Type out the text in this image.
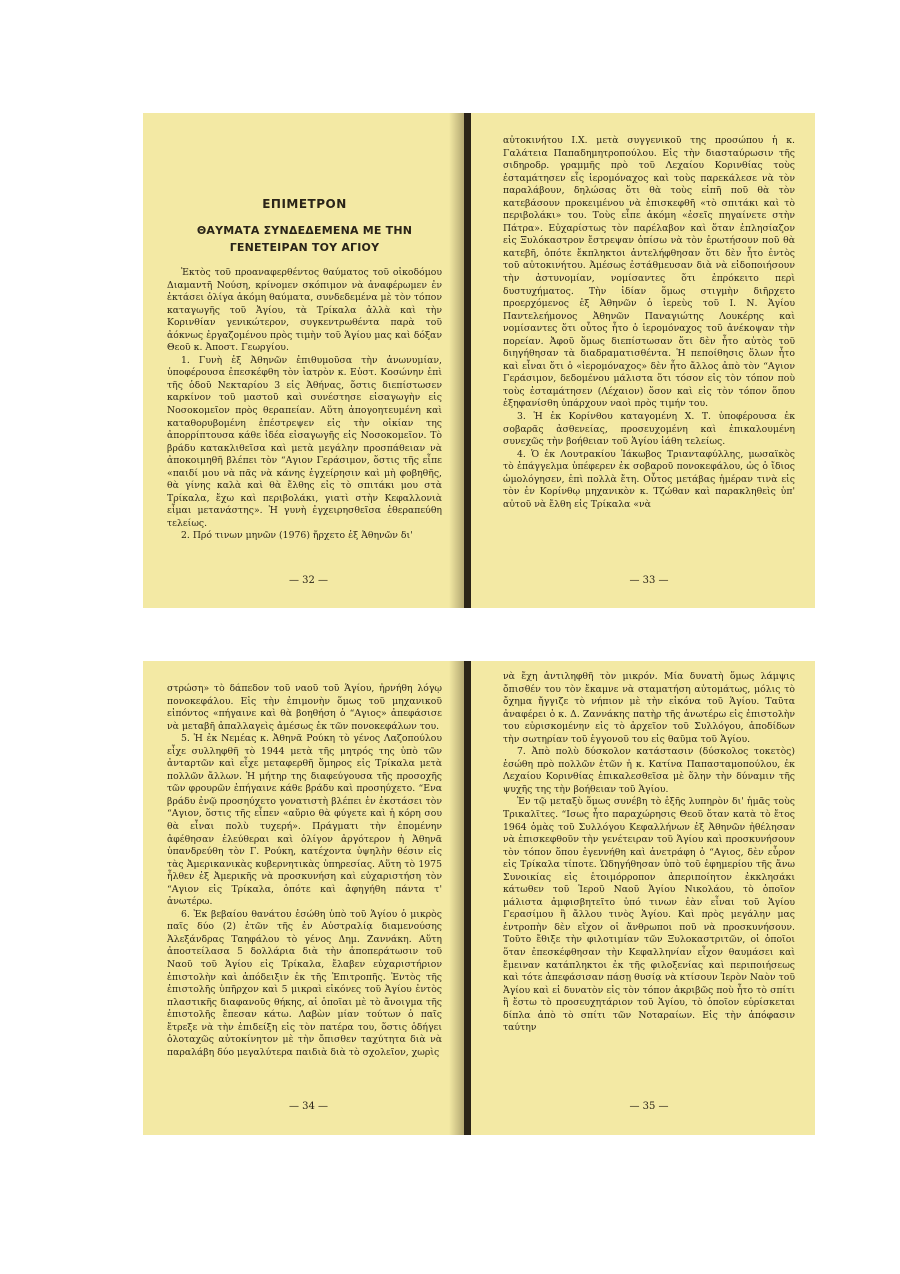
ΕΠΙΜΕΤΡΟΝ
ΘΑΥΜΑΤΑ ΣΥΝΔΕΔΕΜΕΝΑ ΜΕ ΤΗΝ
ΓΕΝΕΤΕΙΡΑΝ ΤΟΥ ΑΓΙΟΥ

Ἐκτὸς τοῦ προαναφερθέντος θαύματος τοῦ οἰκοδόμου Διαμαντῆ Νούση, κρίνομεν σκόπιμον νὰ ἀναφέρωμεν ἐν ἐκτάσει ὀλίγα ἀκόμη θαύματα, συνδεδεμένα μὲ τὸν τόπον καταγωγῆς τοῦ Ἁγίου, τὰ Τρίκαλα ἀλλὰ καὶ τὴν Κορινθίαν γενικώτερον, συγκεντρωθέντα παρὰ τοῦ ἀόκνως ἐργαζομένου πρὸς τιμὴν τοῦ Ἁγίου μας καὶ δόξαν Θεοῦ κ. Ἀποστ. Γεωργίου.

1. Γυνὴ ἐξ Ἀθηνῶν ἐπιθυμοῦσα τὴν ἀνωνυμίαν, ὑποφέρουσα ἐπεσκέφθη τὸν ἰατρὸν κ. Εὐστ. Κοσώνην ἐπὶ τῆς ὁδοῦ Νεκταρίου 3 εἰς Ἀθήνας, ὅστις διεπίστωσεν καρκίνον τοῦ μαστοῦ καὶ συνέστησε εἰσαγωγὴν εἰς Νοσοκομεῖον πρὸς θεραπείαν. Αὕτη ἀπογοητευμένη καὶ καταθορυβομένη ἐπέστρεψεν εἰς τὴν οἰκίαν της ἀπορρίπτουσα κάθε ἰδέα εἰσαγωγῆς εἰς Νοσοκομεῖον. Τὸ βράδυ κατακλιθεῖσα καὶ μετὰ μεγάλην προσπάθειαν νὰ ἀποκοιμηθῆ βλέπει τὸν “Αγιον Γεράσιμον, ὅστις τῆς εἶπε «παιδί μου νὰ πᾶς νὰ κάνης ἐγχείρησιν καὶ μὴ φοβηθῆς, θὰ γίνης καλὰ καὶ θὰ ἔλθης εἰς τὸ σπιτάκι μου στὰ Τρίκαλα, ἔχω καὶ περιβολάκι, γιατὶ στὴν Κεφαλλονιὰ εἶμαι μετανάστης». Ἡ γυνὴ ἐγχειρησθεῖσα ἐθεραπεύθη τελείως.

2. Πρό τινων μηνῶν (1976) ἤρχετο ἐξ Ἀθηνῶν δι'

— 32 —

αὐτοκινήτου Ι.Χ. μετὰ συγγενικοῦ της προσώπου ἡ κ. Γαλάτεια Παπαδημητροπούλου. Εἰς τὴν διασταύρωσιν τῆς σιδηροδρ. γραμμῆς πρὸ τοῦ Λεχαίου Κορινθίας τοὺς ἐσταμάτησεν εἷς ἱερομόναχος καὶ τοὺς παρεκάλεσε νὰ τὸν παραλάβουν, δηλώσας ὅτι θὰ τοὺς εἰπῆ ποῦ θὰ τὸν κατεβάσουν προκειμένου νὰ ἐπισκεφθῆ «τὸ σπιτάκι καὶ τὸ περιβολάκι» του. Τοὺς εἶπε ἀκόμη «ἐσεῖς πηγαίνετε στὴν Πάτρα». Εὐχαρίστως τὸν παρέλαβον καὶ ὅταν ἐπλησίαζον εἰς Ξυλόκαστρον ἔστρεψαν ὀπίσω νὰ τὸν ἐρωτήσουν ποῦ θὰ κατεβῆ, ὁπότε ἔκπληκτοι ἀντελήφθησαν ὅτι δὲν ἦτο ἐντὸς τοῦ αὐτοκινήτου. Ἀμέσως ἐστάθμευσαν διὰ νὰ εἰδοποιήσουν τὴν ἀστυνομίαν, νομίσαντες ὅτι ἐπρόκειτο περὶ δυστυχήματος. Τὴν ἰδίαν ὅμως στιγμὴν διῆρχετο προερχόμενος ἐξ Ἀθηνῶν ὁ ἱερεὺς τοῦ Ι. Ν. Ἁγίου Παντελεήμονος Ἀθηνῶν Παναγιώτης Λουκέρης καὶ νομίσαντες ὅτι οὗτος ἦτο ὁ ἱερομόναχος τοῦ ἀνέκοψαν τὴν πορείαν. Ἀφοῦ ὅμως διεπίστωσαν ὅτι δὲν ἦτο αὐτὸς τοῦ διηγήθησαν τὰ διαδραματισθέντα. Ἡ πεποίθησις ὅλων ἦτο καὶ εἶναι ὅτι ὁ «ἱερομόναχος» δὲν ἦτο ἄλλος ἀπὸ τὸν “Αγιον Γεράσιμον, δεδομένου μάλιστα ὅτι τόσον εἰς τὸν τόπον ποὺ τοὺς ἐσταμάτησεν (Λέχαιον) ὅσον καὶ εἰς τὸν τόπον ὅπου ἐξηφανίσθη ὑπάρχουν ναοὶ πρὸς τιμήν του.

3. Ἡ ἐκ Κορίνθου καταγομένη Χ. Τ. ὑποφέρουσα ἐκ σοβαρᾶς ἀσθενείας, προσευχομένη καὶ ἐπικαλουμένη συνεχῶς τὴν βοήθειαν τοῦ Ἁγίου ἰάθη τελείως.

4. Ὁ ἐκ Λουτρακίου Ἰάκωβος Τριανταφύλλης, μωσαϊκὸς τὸ ἐπάγγελμα ὑπέφερεν ἐκ σοβαροῦ πονοκεφάλου, ὡς ὁ ἴδιος ὡμολόγησεν, ἐπὶ πολλὰ ἔτη. Οὗτος μετάβας ἡμέραν τινὰ εἰς τὸν ἐν Κορίνθῳ μηχανικὸν κ. Τζώθαν καὶ παρακληθεὶς ὑπ' αὐτοῦ νὰ ἔλθη εἰς Τρίκαλα «νὰ

— 33 —

στρώση» τὸ δάπεδον τοῦ ναοῦ τοῦ Ἁγίου, ἠρνήθη λόγῳ πονοκεφάλου. Εἰς τὴν ἐπιμονὴν ὅμως τοῦ μηχανικοῦ εἰπόντος «πήγαινε καὶ θὰ βοηθήση ὁ “Αγιος» ἀπεφάσισε νὰ μεταβῆ ἀπαλλαγεὶς ἀμέσως ἐκ τῶν πονοκεφάλων του.

5. Ἡ ἐκ Νεμέας κ. Ἀθηνᾶ Ρούκη τὸ γένος Λαζοπούλου εἶχε συλληφθῆ τὸ 1944 μετὰ τῆς μητρός της ὑπὸ τῶν ἀνταρτῶν καὶ εἶχε μεταφερθῆ ὅμηρος εἰς Τρίκαλα μετὰ πολλῶν ἄλλων. Ἡ μήτηρ της διαφεύγουσα τῆς προσοχῆς τῶν φρουρῶν ἐπήγαινε κάθε βράδυ καὶ προσηύχετο. “Ενα βράδυ ἐνῷ προσηύχετο γονατιστὴ βλέπει ἐν ἐκστάσει τὸν “Αγιον, ὅστις τῆς εἶπεν «αὔριο θὰ φύγετε καὶ ἡ κόρη σου θὰ εἶναι πολὺ τυχερή». Πράγματι τὴν ἐπομένην ἀφέθησαν ἐλεύθεραι καὶ ὀλίγον ἀργότερον ἡ Ἀθηνᾶ ὑπανδρεύθη τὸν Γ. Ρούκη, κατέχοντα ὑψηλὴν θέσιν εἰς τὰς Ἀμερικανικὰς κυβερνητικὰς ὑπηρεσίας. Αὕτη τὸ 1975 ἦλθεν ἐξ Ἀμερικῆς νὰ προσκυνήση καὶ εὐχαριστήση τὸν “Αγιον εἰς Τρίκαλα, ὁπότε καὶ ἀφηγήθη πάντα τ' ἀνωτέρω.

6. Ἐκ βεβαίου θανάτου ἐσώθη ὑπὸ τοῦ Ἁγίου ὁ μικρὸς παῖς δύο (2) ἐτῶν τῆς ἐν Αὐστραλίᾳ διαμενούσης Ἀλεξάνδρας Ταηφάλου τὸ γένος Δημ. Ζαννάκη. Αὕτη ἀποστείλασα 5 δολλάρια διὰ τὴν ἀποπεράτωσιν τοῦ Ναοῦ τοῦ Ἁγίου εἰς Τρίκαλα, ἔλαβεν εὐχαριστήριον ἐπιστολὴν καὶ ἀπόδειξιν ἐκ τῆς Ἐπιτροπῆς. Ἐντὸς τῆς ἐπιστολῆς ὑπῆρχον καὶ 5 μικραὶ εἰκόνες τοῦ Ἁγίου ἐντὸς πλαστικῆς διαφανοῦς θήκης, αἱ ὁποῖαι μὲ τὸ ἄνοιγμα τῆς ἐπιστολῆς ἔπεσαν κάτω. Λαβὼν μίαν τούτων ὁ παῖς ἔτρεξε νὰ τὴν ἐπιδείξη εἰς τὸν πατέρα του, ὅστις ὁδήγει ὀλοταχῶς αὐτοκίνητον μὲ τὴν ὄπισθεν ταχύτητα διὰ νὰ παραλάβη δύο μεγαλύτερα παιδιὰ διὰ τὸ σχολεῖον, χωρὶς

— 34 —

νὰ ἔχη ἀντιληφθῆ τὸν μικρόν. Μία δυνατὴ ὅμως λάμψις ὄπισθέν του τὸν ἔκαμνε νὰ σταματήση αὐτομάτως, μόλις τὸ ὄχημα ἤγγιζε τὸ νήπιον μὲ τὴν εἰκόνα τοῦ Ἁγίου. Ταῦτα ἀναφέρει ὁ κ. Δ. Ζαννάκης πατὴρ τῆς ἀνωτέρω εἰς ἐπιστολὴν του εὑρισκομένην εἰς τὸ ἀρχεῖον τοῦ Συλλόγου, ἀποδίδων τὴν σωτηρίαν τοῦ ἐγγονοῦ του εἰς θαῦμα τοῦ Ἁγίου.

7. Ἀπὸ πολὺ δύσκολον κατάστασιν (δύσκολος τοκετὸς) ἐσώθη πρὸ πολλῶν ἐτῶν ἡ κ. Κατίνα Παπασταμοπούλου, ἐκ Λεχαίου Κορινθίας ἐπικαλεσθεῖσα μὲ ὅλην τὴν δύναμιν τῆς ψυχῆς της τὴν βοήθειαν τοῦ Ἁγίου.

Ἐν τῷ μεταξὺ ὅμως συνέβη τὸ ἑξῆς λυπηρὸν δι' ἡμᾶς τοὺς Τρικαλῖτες. “Ισως ἦτο παραχώρησις Θεοῦ ὅταν κατὰ τὸ ἔτος 1964 ὁμὰς τοῦ Συλλόγου Κεφαλλήνων ἐξ Ἀθηνῶν ἠθέλησαν νὰ ἐπισκεφθοῦν τὴν γενέτειραν τοῦ Ἁγίου καὶ προσκυνήσουν τὸν τόπον ὅπου ἐγεννήθη καὶ ἀνετράφη ὁ “Αγιος, δὲν εὗρον εἰς Τρίκαλα τίποτε. Ὡδηγήθησαν ὑπὸ τοῦ ἐφημερίου τῆς ἄνω Συνοικίας εἰς ἑτοιμόρροπον ἀπεριποίητον ἐκκλησάκι κάτωθεν τοῦ Ἱεροῦ Ναοῦ Ἁγίου Νικολάου, τὸ ὁποῖον μάλιστα ἀμφισβητεῖτο ὑπό τινων ἐὰν εἶναι τοῦ Ἁγίου Γερασίμου ἢ ἄλλου τινὸς Ἁγίου. Καὶ πρὸς μεγάλην μας ἐντροπὴν δὲν εἴχον οἱ ἄνθρωποι ποῦ νὰ προσκυνήσουν. Τοῦτο ἔθιξε τὴν φιλοτιμίαν τῶν Ξυλοκαστριτῶν, οἱ ὁποῖοι ὅταν ἐπεσκέφθησαν τὴν Κεφαλληνίαν εἶχον θαυμάσει καὶ ἔμειναν κατάπληκτοι ἐκ τῆς φιλοξενίας καὶ περιποιήσεως καὶ τότε ἀπεφάσισαν πάσῃ θυσίᾳ νὰ κτίσουν Ἱερὸν Ναὸν τοῦ Ἁγίου καὶ εἰ δυνατὸν εἰς τὸν τόπον ἀκριβῶς ποὺ ἦτο τὸ σπίτι ἢ ἔστω τὸ προσευχητάριον τοῦ Ἁγίου, τὸ ὁποῖον εὑρίσκεται δίπλα ἀπὸ τὸ σπίτι τῶν Νοταραίων. Εἰς τὴν ἀπόφασιν ταύτην

— 35 —
